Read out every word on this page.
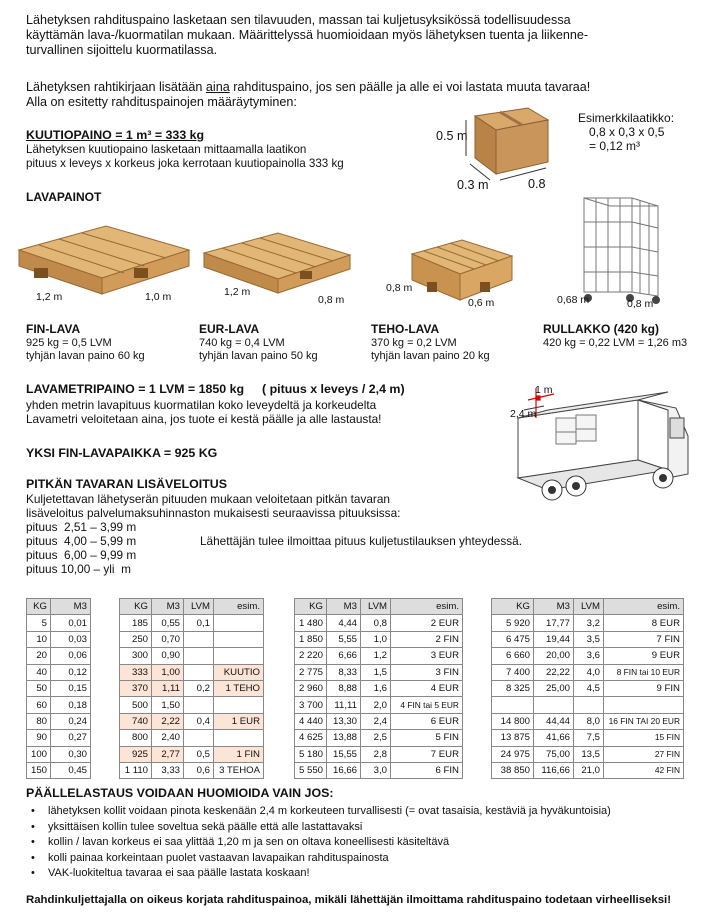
Lähetyksen rahdituspaino lasketaan sen tilavuuden, massan tai kuljetusyksikössä todellisuudessa
käyttämän lava-/kuormatilan mukaan. Määrittelyssä huomioidaan myös lähetyksen tuenta ja liikenne-
turvallinen sijoittelu kuormatilassa.
Lähetyksen rahtikirjaan lisätään aina rahdituspaino, jos sen päälle ja alle ei voi lastata muuta tavaraa!
Alla on esitetty rahdituspainojen määräytyminen:
KUUTIOPAINO = 1 m³ = 333 kg
Lähetyksen kuutiopaino lasketaan mittaamalla laatikon
pituus x leveys x korkeus joka kerrotaan kuutiopainolla 333 kg
0.5 m
0.3 m	0.8
Esimerkkilaatikko:
0,8 x 0,3 x 0,5
= 0,12 m³
LAVAPAINOT
1,2 m	1,0 m	1,2 m
0,8 m
0,8 m
0,6 m	0,68 m	0,8 m
FIN-LAVA
925 kg = 0,5 LVM
tyhjän lavan paino 60 kg
EUR-LAVA
740 kg = 0,4 LVM
tyhjän lavan paino 50 kg
TEHO-LAVA
370 kg = 0,2 LVM
tyhjän lavan paino 20 kg
RULLAKKO (420 kg)
420 kg = 0,22 LVM = 1,26 m3
LAVAMETRIPAINO = 1 LVM = 1850 kg ( pituus x leveys / 2,4 m)
yhden metrin lavapituus kuormatilan koko leveydeltä ja korkeudelta
Lavametri veloitetaan aina, jos tuote ei kestä päälle ja alle lastausta!
1 m
2,4 m
YKSI FIN-LAVAPAIKKA = 925 KG
PITKÄN TAVARAN LISÄVELOITUS
Kuljetettavan lähetyserän pituuden mukaan veloitetaan pitkän tavaran
lisäveloitus palvelumaksuhinnaston mukaisesti seuraavissa pituuksissa:
pituus  2,51 – 3,99 m
pituus  4,00 – 5,99 m
pituus  6,00 – 9,99 m
pituus 10,00 – yli  m
Lähettäjän tulee ilmoittaa pituus kuljetustilauksen yhteydessä.
KG	M3
5	0,01
10	0,03
20	0,06
40	0,12
50	0,15
60	0,18
80	0,24
90	0,27
100	0,30
150	0,45
KG	M3	LVM	esim.
185	0,55	0,1	
250	0,70		
300	0,90		
333	1,00		KUUTIO
370	1,11	0,2	1 TEHO
500	1,50		
740	2,22	0,4	1 EUR
800	2,40		
925	2,77	0,5	1 FIN
1 110	3,33	0,6	3 TEHOA
KG	M3	LVM	esim.
1 480	4,44	0,8	2 EUR
1 850	5,55	1,0	2 FIN
2 220	6,66	1,2	3 EUR
2 775	8,33	1,5	3 FIN
2 960	8,88	1,6	4 EUR
3 700	11,11	2,0	4 FIN tai 5 EUR
4 440	13,30	2,4	6 EUR
4 625	13,88	2,5	5 FIN
5 180	15,55	2,8	7 EUR
5 550	16,66	3,0	6 FIN
KG	M3	LVM	esim.
5 920	17,77	3,2	8 EUR
6 475	19,44	3,5	7 FIN
6 660	20,00	3,6	9 EUR
7 400	22,22	4,0	8 FIN tai 10 EUR
8 325	25,00	4,5	9 FIN

14 800	44,44	8,0	16 FIN TAI 20 EUR
13 875	41,66	7,5	15 FIN
24 975	75,00	13,5	27 FIN
38 850	116,66	21,0	42 FIN
PÄÄLLELASTAUS VOIDAAN HUOMIOIDA VAIN JOS:
• lähetyksen kollit voidaan pinota keskenään 2,4 m korkeuteen turvallisesti (= ovat tasaisia, kestäviä ja hyväkuntoisia)
• yksittäisen kollin tulee soveltua sekä päälle että alle lastattavaksi
• kollin / lavan korkeus ei saa ylittää 1,20 m ja sen on oltava koneellisesti käsiteltävä
• kolli painaa korkeintaan puolet vastaavan lavapaikan rahdituspainosta
• VAK-luokiteltua tavaraa ei saa päälle lastata koskaan!
Rahdinkuljettajalla on oikeus korjata rahdituspainoa, mikäli lähettäjän ilmoittama rahdituspaino todetaan virheelliseksi!
